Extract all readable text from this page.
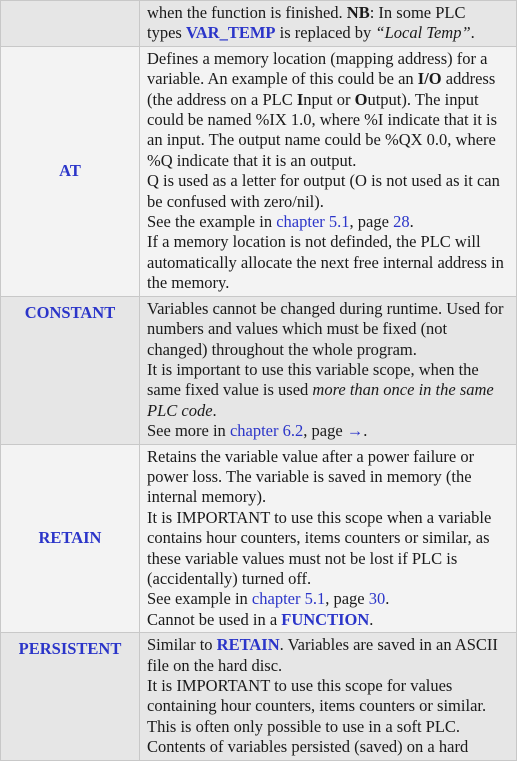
	when the function is finished. NB: In some PLC
types VAR_TEMP is replaced by “Local Temp”.

AT	Defines a memory location (mapping address) for a variable. An example of this could be an I/O address (the address on a PLC Input or Output). The input could be named %IX 1.0, where %I indicate that it is an input. The output name could be %QX 0.0, where %Q indicate that it is an output.
Q is used as a letter for output (O is not used as it can be confused with zero/nil).
See the example in chapter 5.1, page 28.
If a memory location is not definded, the PLC will automatically allocate the next free internal address in the memory.

CONSTANT	Variables cannot be changed during runtime. Used for numbers and values which must be fixed (not changed) throughout the whole program.
It is important to use this variable scope, when the same fixed value is used more than once in the same PLC code.
See more in chapter 6.2, page →.

RETAIN	Retains the variable value after a power failure or power loss. The variable is saved in memory (the internal memory).
It is IMPORTANT to use this scope when a variable contains hour counters, items counters or similar, as these variable values must not be lost if PLC is (accidentally) turned off.
See example in chapter 5.1, page 30.
Cannot be used in a FUNCTION.

PERSISTENT	Similar to RETAIN. Variables are saved in an ASCII file on the hard disc.
It is IMPORTANT to use this scope for values containing hour counters, items counters or similar. This is often only possible to use in a soft PLC.
Contents of variables persisted (saved) on a hard
